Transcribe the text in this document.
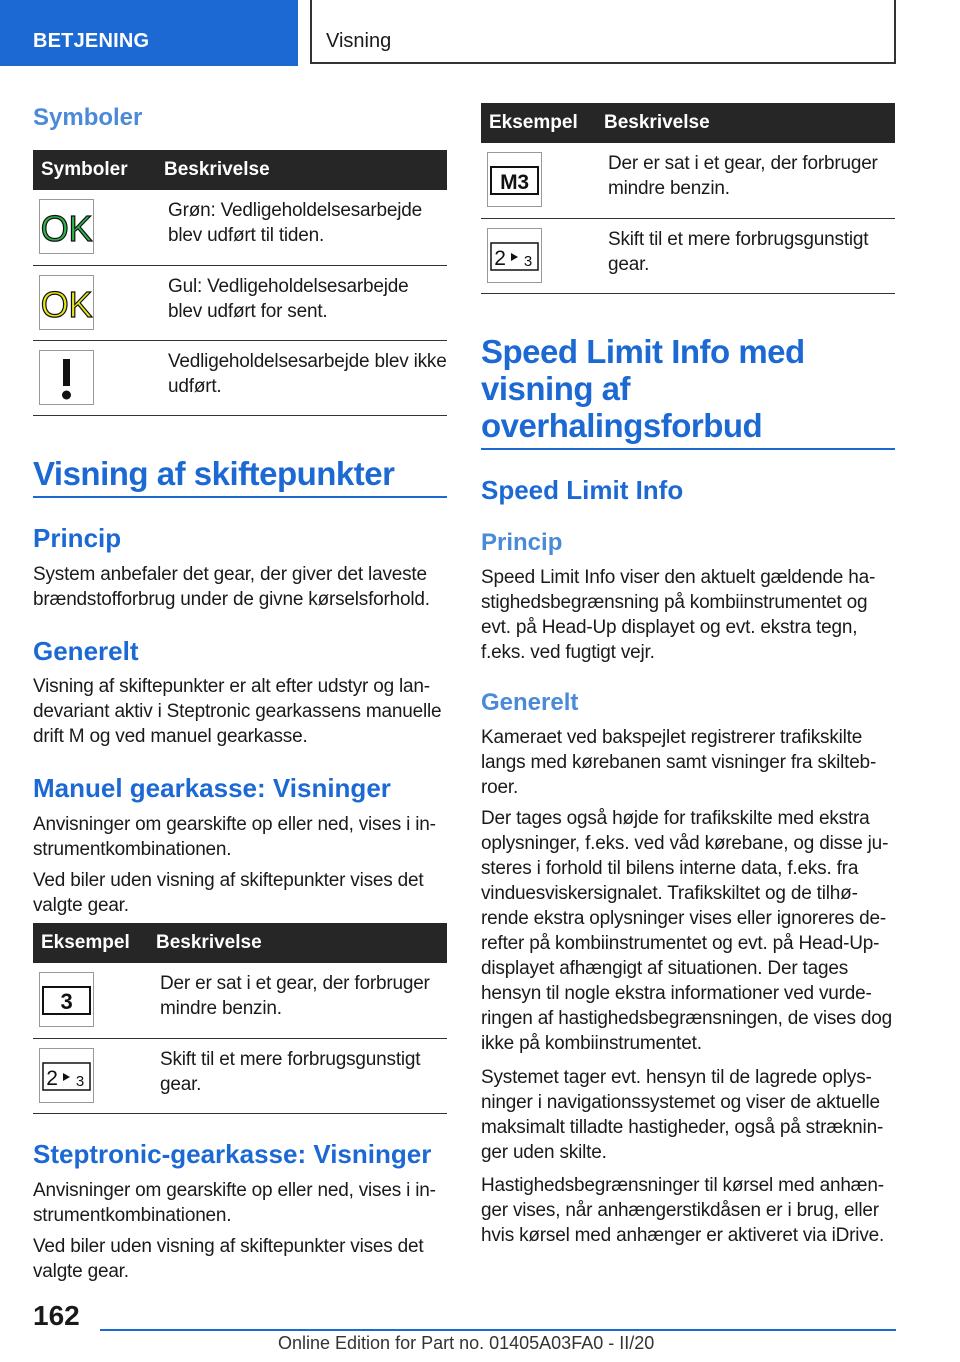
BETJENING	Visning
Symboler
Symboler	Beskrivelse

OK	Grøn: Vedligeholdelsesarbejde blev udført til tiden.

OK	Gul: Vedligeholdelsesarbejde blev udført for sent.

	Vedligeholdelsesarbejde blev ikke udført.
Visning af skiftepunkter
Princip

System anbefaler det gear, der giver det laveste brændstofforbrug under de givne kørselsforhold.

Generelt

Visning af skiftepunkter er alt efter udstyr og landevariant aktiv i Steptronic gearkassens manuelle drift M og ved manuel gearkasse.

Manuel gearkasse: Visninger

Anvisninger om gearskifte op eller ned, vises i instrumentkombinationen.

Ved biler uden visning af skiftepunkter vises det valgte gear.

Eksempel	Beskrivelse

3	Der er sat i et gear, der forbruger mindre benzin.

2 3	Skift til et mere forbrugsgunstigt gear.
Steptronic-gearkasse: Visninger

Anvisninger om gearskifte op eller ned, vises i instrumentkombinationen.

Ved biler uden visning af skiftepunkter vises det valgte gear.

Eksempel	Beskrivelse

M3	Der er sat i et gear, der forbruger mindre benzin.

2 3	Skift til et mere forbrugsgunstigt gear.
Speed Limit Info med visning af overhalingsforbud
Speed Limit Info
Princip

Speed Limit Info viser den aktuelt gældende hastighedsbegrænsning på kombiinstrumentet og evt. på Head-Up displayet og evt. ekstra tegn, f.eks. ved fugtigt vejr.

Generelt

Kameraet ved bakspejlet registrerer trafikskilte langs med kørebanen samt visninger fra skiltebroer.

Der tages også højde for trafikskilte med ekstra oplysninger, f.eks. ved våd kørebane, og disse justeres i forhold til bilens interne data, f.eks. fra vinduesviskersignalet. Trafikskiltet og de tilhørende ekstra oplysninger vises eller ignoreres derefter på kombiinstrumentet og evt. på Head-Up-displayet afhængigt af situationen. Der tages hensyn til nogle ekstra informationer ved vurderingen af hastighedsbegrænsningen, de vises dog ikke på kombiinstrumentet.

Systemet tager evt. hensyn til de lagrede oplysninger i navigationssystemet og viser de aktuelle maksimalt tilladte hastigheder, også på strækninger uden skilte.

Hastighedsbegrænsninger til kørsel med anhænger vises, når anhængerstikdåsen er i brug, eller hvis kørsel med anhænger er aktiveret via iDrive.

162
Online Edition for Part no. 01405A03FA0 - II/20
